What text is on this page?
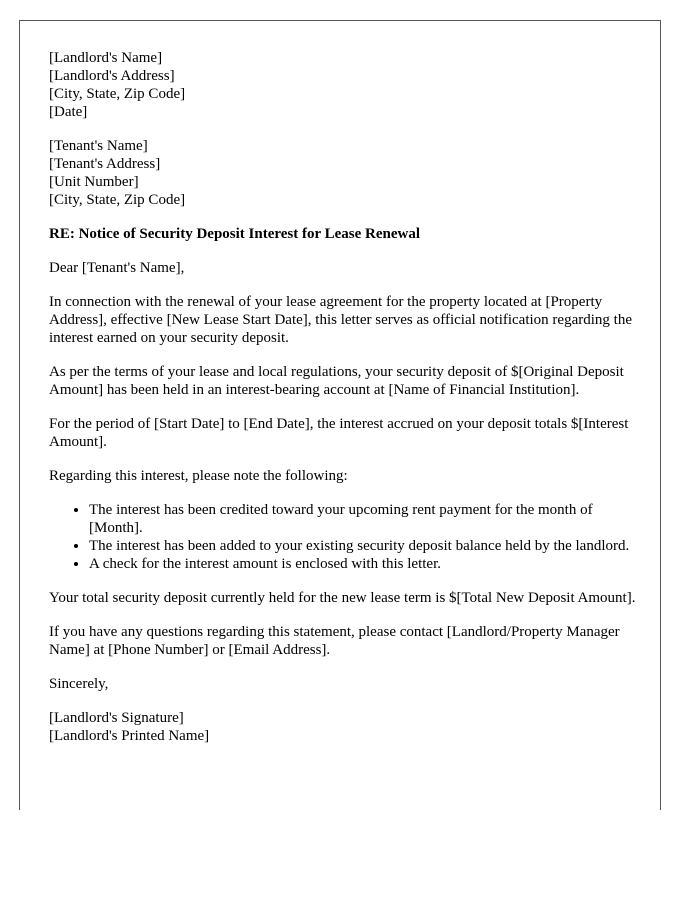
[Landlord's Name]
[Landlord's Address]
[City, State, Zip Code]
[Date]
[Tenant's Name]
[Tenant's Address]
[Unit Number]
[City, State, Zip Code]

RE: Notice of Security Deposit Interest for Lease Renewal

Dear [Tenant's Name],

In connection with the renewal of your lease agreement for the property located at [Property Address], effective [New Lease Start Date], this letter serves as official notification regarding the interest earned on your security deposit.

As per the terms of your lease and local regulations, your security deposit of $[Original Deposit Amount] has been held in an interest-bearing account at [Name of Financial Institution].

For the period of [Start Date] to [End Date], the interest accrued on your deposit totals $[Interest Amount].

Regarding this interest, please note the following:

• The interest has been credited toward your upcoming rent payment for the month of [Month].
• The interest has been added to your existing security deposit balance held by the landlord.
• A check for the interest amount is enclosed with this letter.

Your total security deposit currently held for the new lease term is $[Total New Deposit Amount].

If you have any questions regarding this statement, please contact [Landlord/Property Manager Name] at [Phone Number] or [Email Address].

Sincerely,

[Landlord's Signature]
[Landlord's Printed Name]
